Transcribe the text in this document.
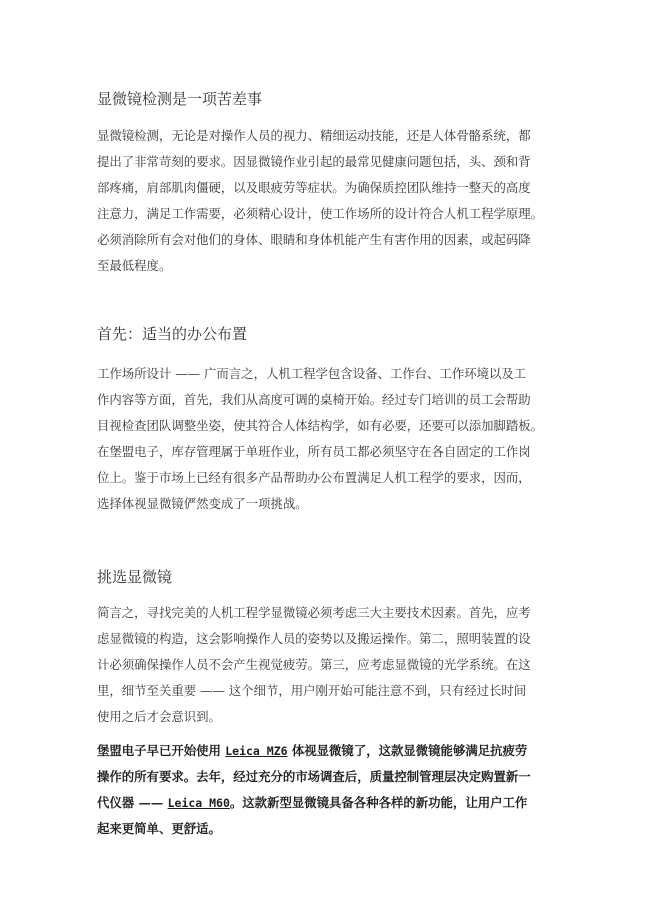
显微镜检测是一项苦差事
显微镜检测，无论是对操作人员的视力、精细运动技能，还是人体骨骼系统，都
提出了非常苛刻的要求。因显微镜作业引起的最常见健康问题包括，头、颈和背
部疼痛，肩部肌肉僵硬，以及眼疲劳等症状。为确保质控团队维持一整天的高度
注意力，满足工作需要，必须精心设计，使工作场所的设计符合人机工程学原理。
必须消除所有会对他们的身体、眼睛和身体机能产生有害作用的因素，或起码降
至最低程度。
首先：适当的办公布置
工作场所设计 —— 广而言之，人机工程学包含设备、工作台、工作环境以及工
作内容等方面，首先，我们从高度可调的桌椅开始。经过专门培训的员工会帮助
目视检查团队调整坐姿，使其符合人体结构学，如有必要，还要可以添加脚踏板。
在堡盟电子，库存管理属于单班作业，所有员工都必须坚守在各自固定的工作岗
位上。鉴于市场上已经有很多产品帮助办公布置满足人机工程学的要求，因而，
选择体视显微镜俨然变成了一项挑战。
挑选显微镜
简言之，寻找完美的人机工程学显微镜必须考虑三大主要技术因素。首先，应考
虑显微镜的构造，这会影响操作人员的姿势以及搬运操作。第二，照明装置的设
计必须确保操作人员不会产生视觉疲劳。第三，应考虑显微镜的光学系统。在这
里，细节至关重要 —— 这个细节，用户刚开始可能注意不到，只有经过长时间
使用之后才会意识到。
堡盟电子早已开始使用 Leica MZ6 体视显微镜了，这款显微镜能够满足抗疲劳
操作的所有要求。去年，经过充分的市场调查后，质量控制管理层决定购置新一
代仪器 —— Leica M60。这款新型显微镜具备各种各样的新功能，让用户工作
起来更简单、更舒适。
